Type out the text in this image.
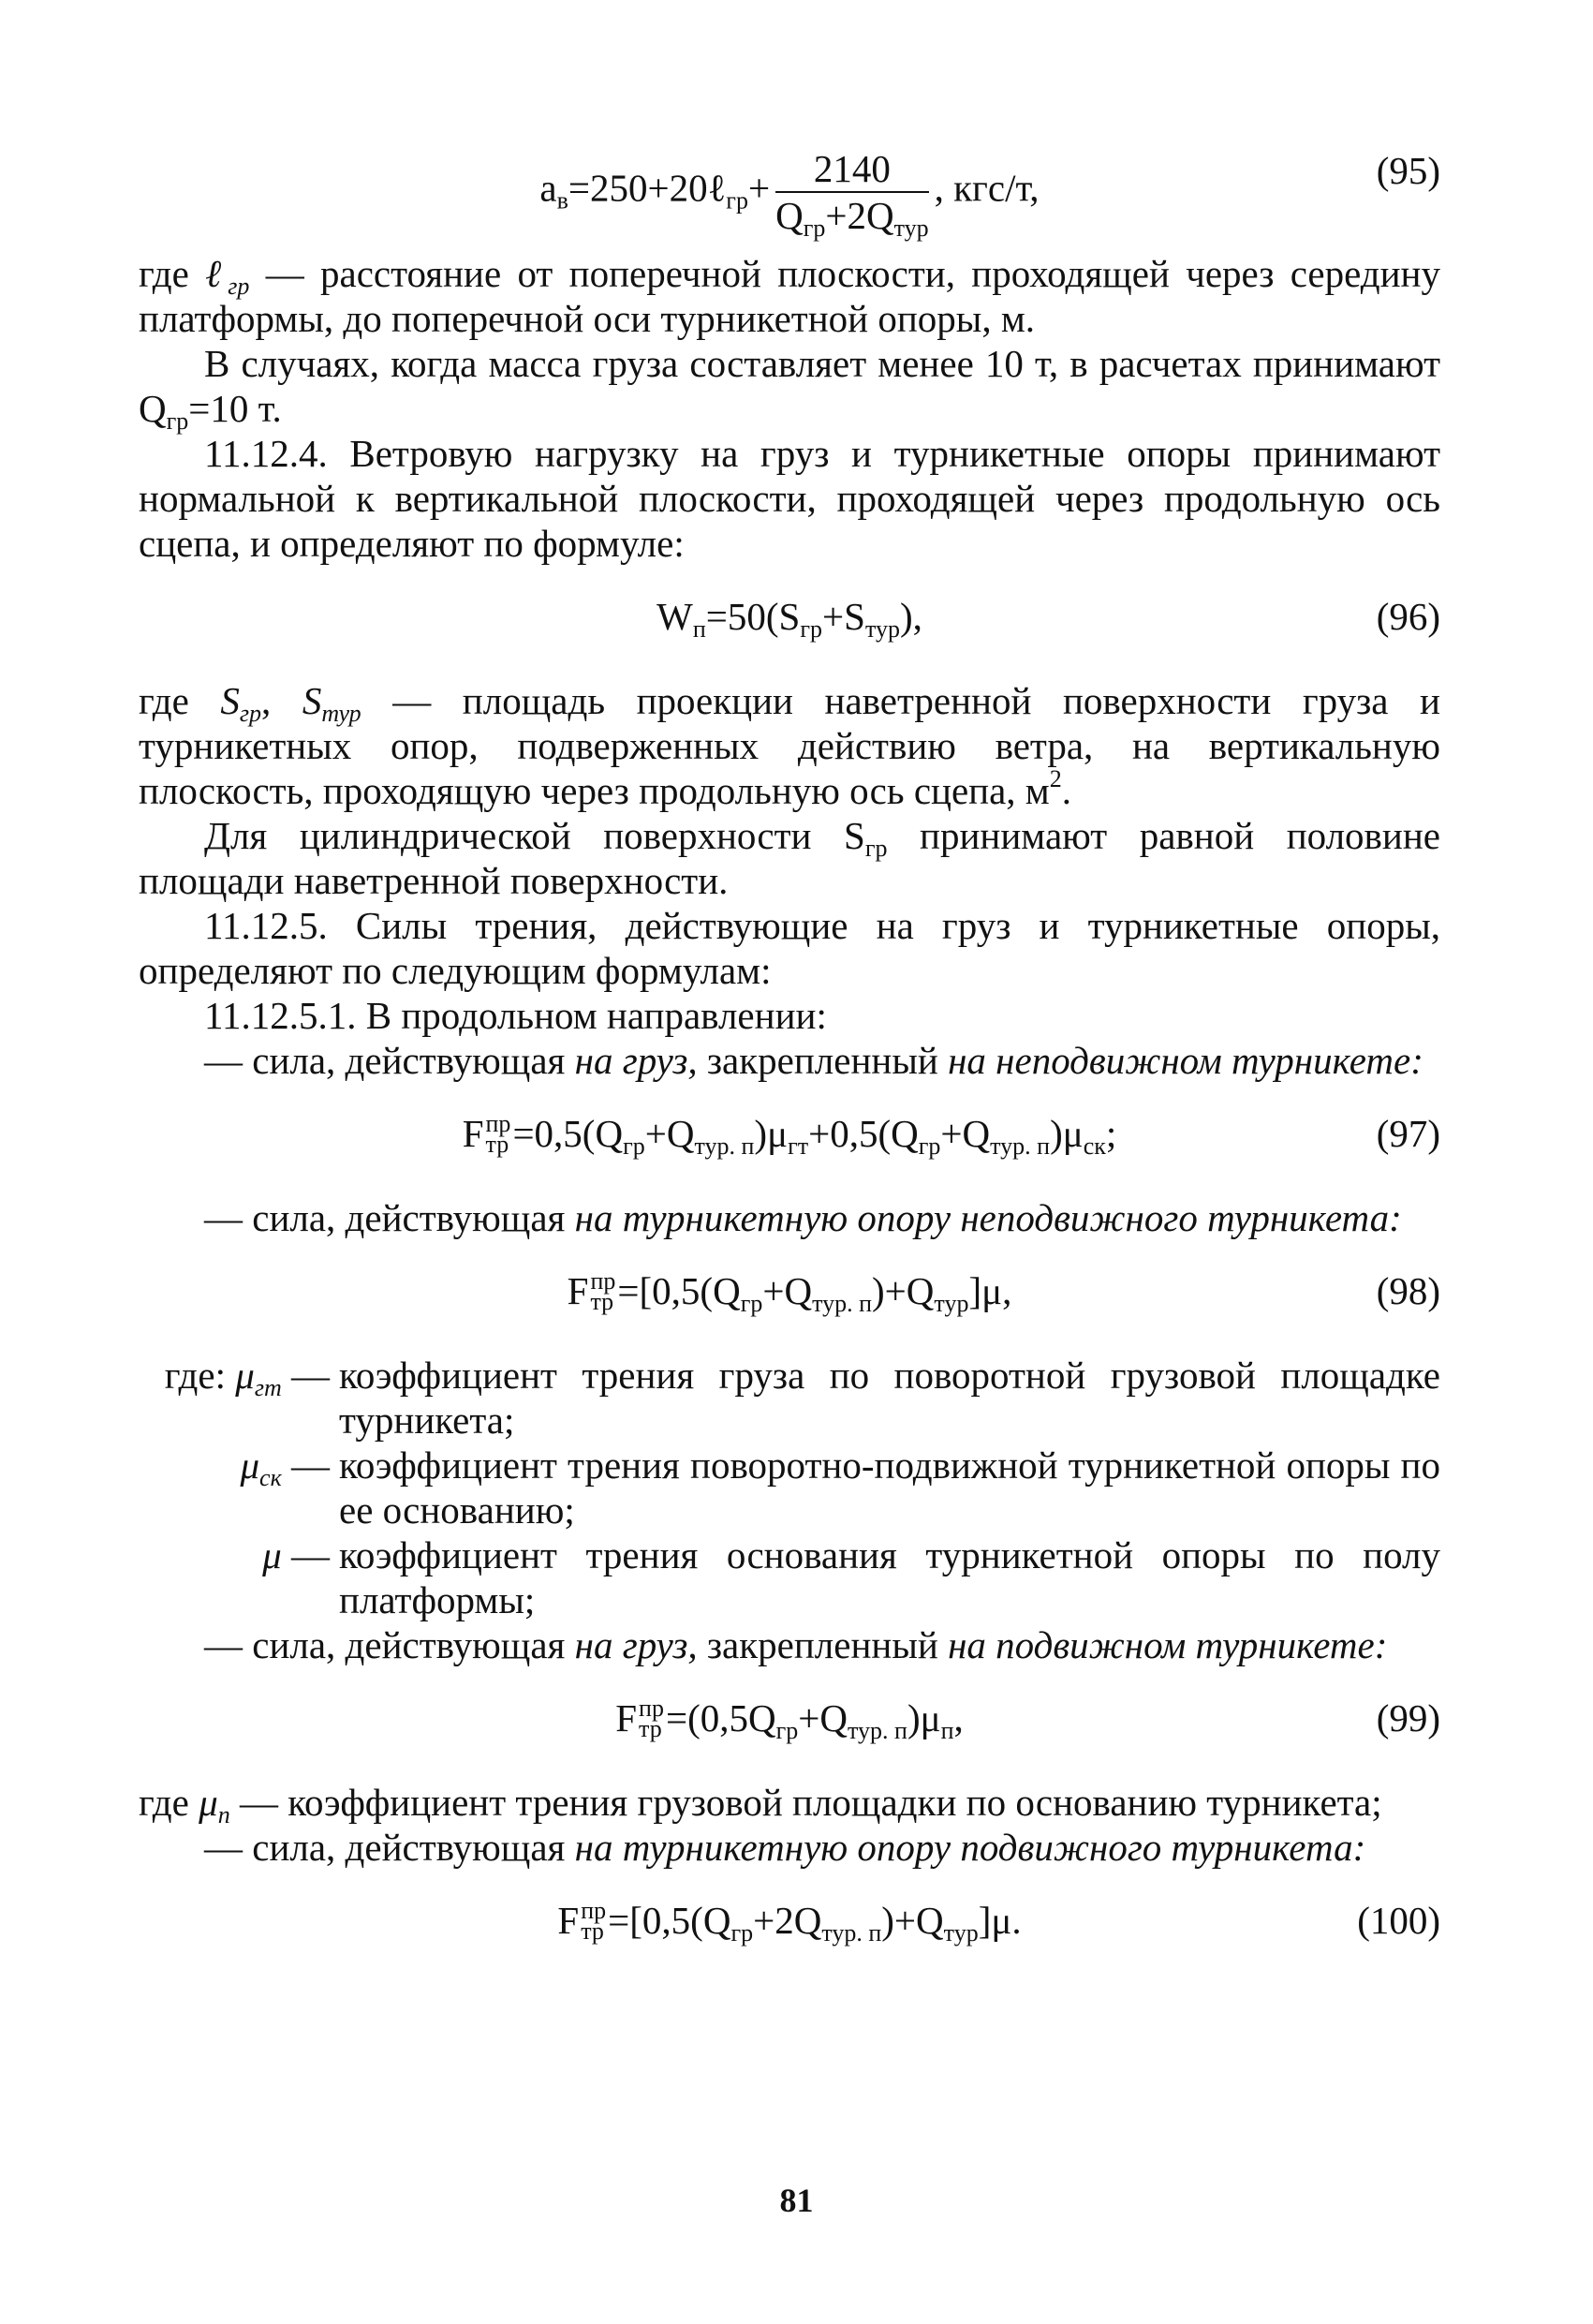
$a_в=250+20\ell_{гр}+ \frac{2140}{Q_{гр}+2Q_{тур}}$ , кгс/т,	(95)

где ℓ$_{гр}$ — расстояние от поперечной плоскости, проходящей через середину платформы, до поперечной оси турникетной опоры, м.

В случаях, когда масса груза составляет менее 10 т, в расчетах принимают $Q_{гр}=10$ т.

11.12.4. Ветровую нагрузку на груз и турникетные опоры принимают нормальной к вертикальной плоскости, проходящей через продольную ось сцепа, и определяют по формуле:

$W_п=50(S_{гр}+S_{тур})$,	(96)

где $S_{гр}$, $S_{тур}$ — площадь проекции наветренной поверхности груза и турникетных опор, подверженных действию ветра, на вертикальную плоскость, проходящую через продольную ось сцепа, $м^2$.

Для цилиндрической поверхности $S_{гр}$ принимают равной половине площади наветренной поверхности.

11.12.5. Силы трения, действующие на груз и турникетные опоры, определяют по следующим формулам:

11.12.5.1. В продольном направлении:

— сила, действующая на груз, закрепленный на неподвижном турникете:

F пр
тр $=0,5(Q_{гр}+Q_{тур. п})\mu_{гт}+0,5(Q_{гр}+Q_{тур. п})\mu_{ск}$;	(97)

— сила, действующая на турникетную опору неподвижного турникета:

F пр
тр $=[0,5(Q_{гр}+Q_{тур. п})+Q_{тур}]\mu$,	(98)
где: $\mu_{гт}$ — коэффициент трения груза по поворотной грузовой площадке турникета;
$\mu_{ск}$ — коэффициент трения поворотно-подвижной турникетной опоры по ее основанию;
μ — коэффициент трения основания турникетной опоры по полу платформы;

— сила, действующая на груз, закрепленный на подвижном турникете:

F пр
тр $=(0,5Q_{гр}+Q_{тур. п})\mu_п$,	(99)

где $\mu_п$ — коэффициент трения грузовой площадки по основанию турникета;

— сила, действующая на турникетную опору подвижного турникета:

F пр
тр $=[0,5(Q_{гр}+2Q_{тур. п})+Q_{тур}]\mu$.	(100)
81
